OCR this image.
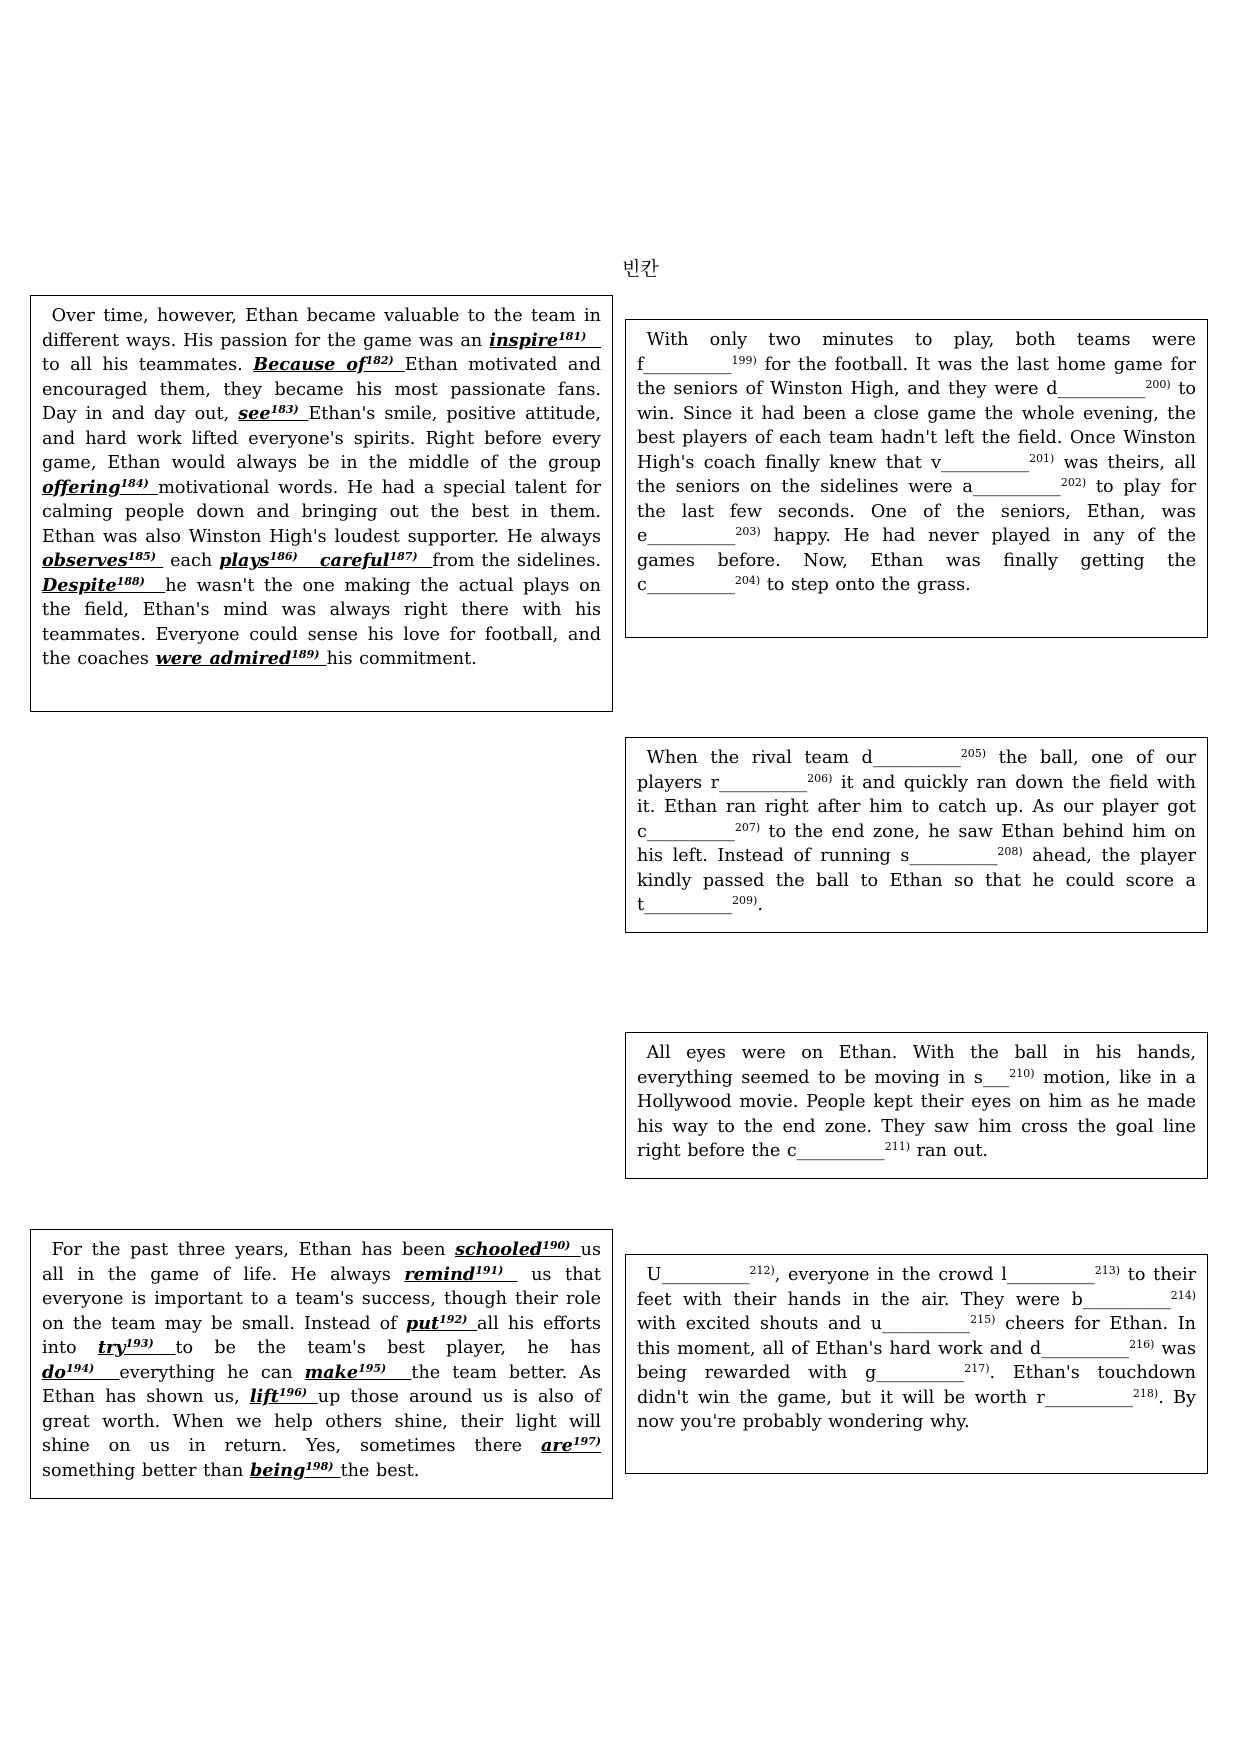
빈칸

Over time, however, Ethan became valuable to the team in different ways. His passion for the game was an inspire$^{181)}$   to all his teammates. Because $of^{182)}$ Ethan motivated and encouraged them, they became his most passionate fans. Day in and day out, see$^{183)}$ Ethan's smile, positive attitude, and hard work lifted everyone's spirits. Right before every game, Ethan would always be in the middle of the group offering$^{184)}$ motivational words. He had a special talent for calming people down and bringing out the best in them. Ethan was also Winston High's loudest supporter. He always observes$^{185)}$ each plays$^{186)}$ careful$^{187)}$ from the sidelines. Despite$^{188)}$ he wasn't the one making the actual plays on the field, Ethan's mind was always right there with his teammates. Everyone could sense his love for football, and the coaches were admired$^{189)}$ his commitment.

With only two minutes to play, both teams were f__________$^{199)}$ for the football. It was the last home game for the seniors of Winston High, and they were d__________$^{200)}$ to win. Since it had been a close game the whole evening, the best players of each team hadn't left the field. Once Winston High's coach finally knew that v__________$^{201)}$ was theirs, all the seniors on the sidelines were a__________$^{202)}$ to play for the last few seconds. One of the seniors, Ethan, was e__________$^{203)}$ happy. He had never played in any of the games before. Now, Ethan was finally getting the c__________$^{204)}$ to step onto the grass.

When the rival team d__________$^{205)}$ the ball, one of our players r__________$^{206)}$ it and quickly ran down the field with it. Ethan ran right after him to catch up. As our player got c__________$^{207)}$ to the end zone, he saw Ethan behind him on his left. Instead of running s__________$^{208)}$ ahead, the player kindly passed the ball to Ethan so that he could score a t__________$^{209)}$.

All eyes were on Ethan. With the ball in his hands, everything seemed to be moving in s___$^{210)}$ motion, like in a Hollywood movie. People kept their eyes on him as he made his way to the end zone. They saw him cross the goal line right before the c__________$^{211)}$ ran out.

For the past three years, Ethan has been schooled$^{190)}$ us all in the game of life. He always remind$^{191)}$ us that everyone is important to a team's success, though their role on the team may be small. Instead of put$^{192)}$ all his efforts into try$^{193)}$ to be the team's best player, he has $do^{194)}$ everything he can make$^{195)}$ the team better. As Ethan has shown us, lift$^{196)}$ up those around us is also of great worth. When we help others shine, their light will shine on us in return. Yes, sometimes there are$^{197)}$ something better than being$^{198)}$ the best.

U__________$^{212)}$, everyone in the crowd l__________$^{213)}$ to their feet with their hands in the air. They were b__________$^{214)}$ with excited shouts and u__________$^{215)}$ cheers for Ethan. In this moment, all of Ethan's hard work and d__________$^{216)}$ was being rewarded with g__________$^{217)}$. Ethan's touchdown didn't win the game, but it will be worth r__________$^{218)}$. By now you're probably wondering why.
